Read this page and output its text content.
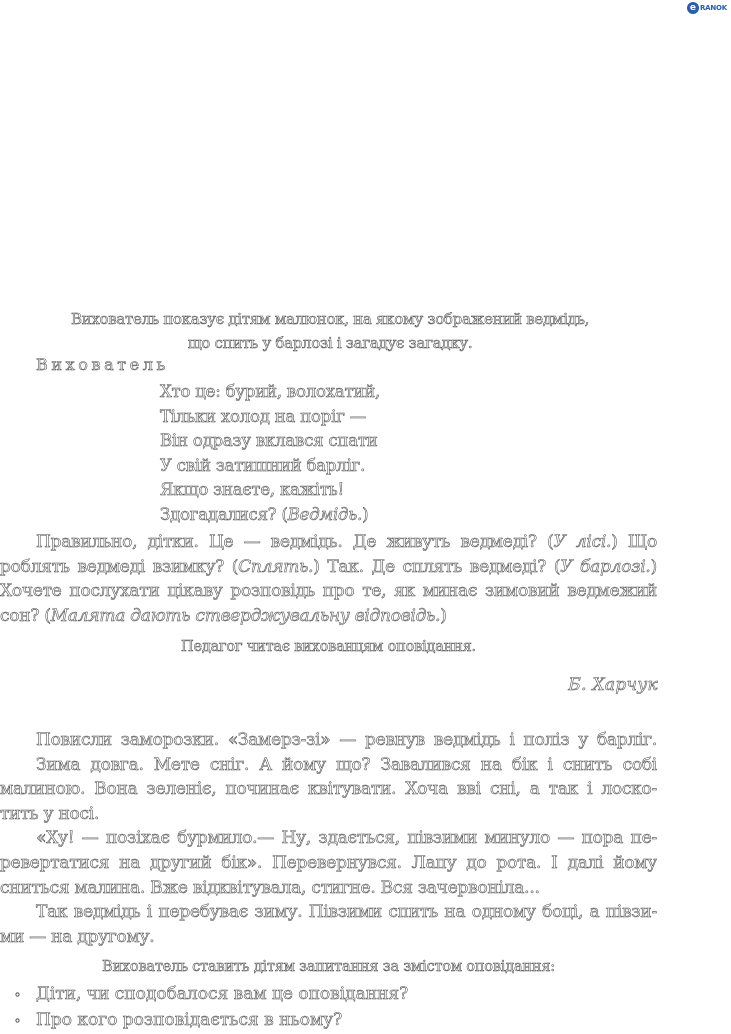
e RANOK
Вихователь показує дітям малюнок, на якому зображений ведмідь,
що спить у барлозі і загадує загадку.
Вихователь
Хто це: бурий, волохатий,
Тільки холод на поріг —
Він одразу вклався спати
У свій затишний барліг.
Якщо знаєте, кажіть!
Здогадалися? (Ведмідь.)
Правильно, дітки. Це — ведмідь. Де живуть ведмеді? (У лісі.) Що
роблять ведмеді взимку? (Сплять.) Так. Де сплять ведмеді? (У барлозі.)
Хочете послухати цікаву розповідь про те, як минає зимовий ведмежий
сон? (Малята дають стверджувальну відповідь.)
Педагог читає вихованцям оповідання.
Б. Харчук
Повисли заморозки. «Замерз-зі» — ревнув ведмідь і поліз у барліг.
Зима довга. Мете сніг. А йому що? Завалився на бік і снить собі
малиною. Вона зеленіє, починає квітувати. Хоча вві сні, а так і лоско-
тить у носі.
«Ху! — позіхає бурмило.— Ну, здається, півзими минуло — пора пе-
ревертатися на другий бік». Перевернувся. Лапу до рота. І далі йому
сниться малина. Вже відквітувала, стигне. Вся зачервоніла...
Так ведмідь і перебуває зиму. Півзими спить на одному боці, а півзи-
ми — на другому.
Вихователь ставить дітям запитання за змістом оповідання:
◦ Діти, чи сподобалося вам це оповідання?
◦ Про кого розповідається в ньому?
